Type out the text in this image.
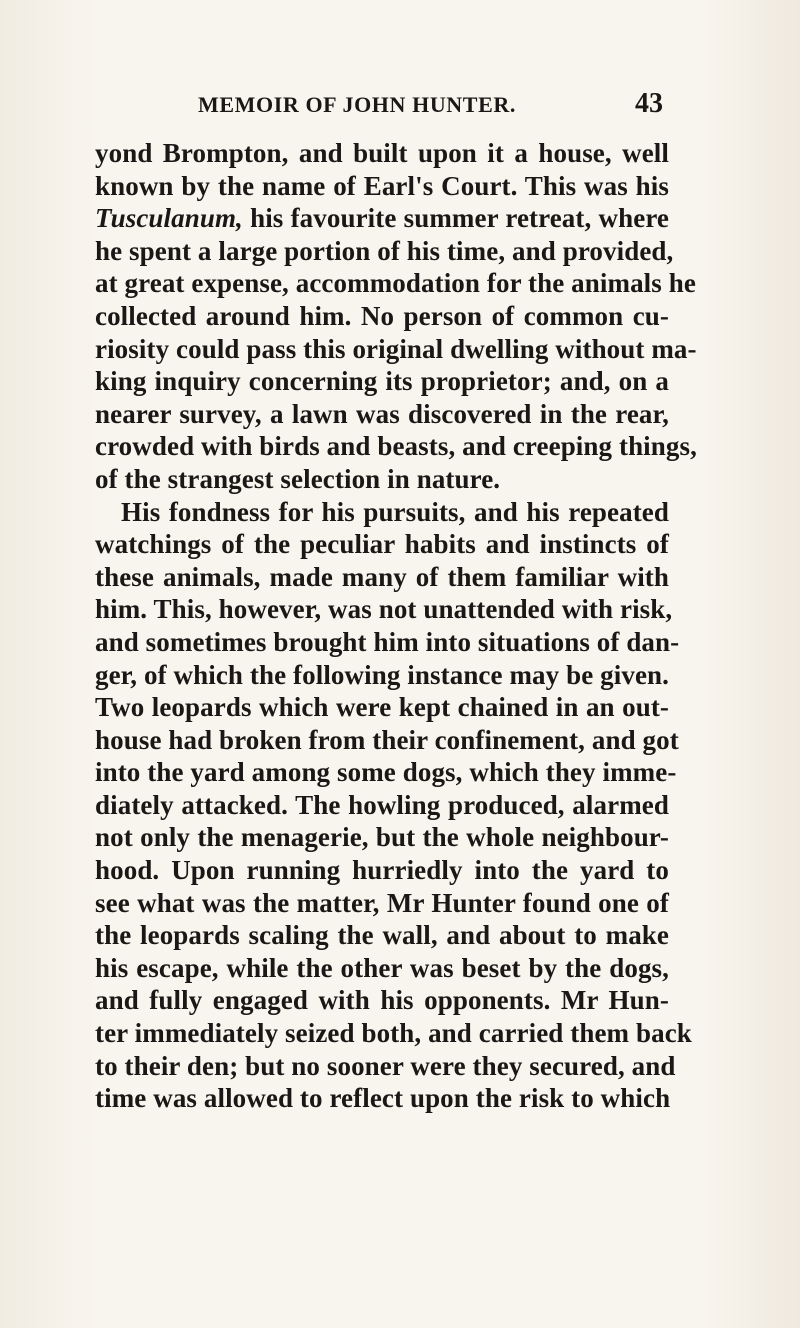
MEMOIR OF JOHN HUNTER.	43
yond Brompton, and built upon it a house, well
known by the name of Earl's Court. This was his
Tusculanum, his favourite summer retreat, where
he spent a large portion of his time, and provided,
at great expense, accommodation for the animals he
collected around him. No person of common cu-
riosity could pass this original dwelling without ma-
king inquiry concerning its proprietor; and, on a
nearer survey, a lawn was discovered in the rear,
crowded with birds and beasts, and creeping things,
of the strangest selection in nature.
His fondness for his pursuits, and his repeated
watchings of the peculiar habits and instincts of
these animals, made many of them familiar with
him. This, however, was not unattended with risk,
and sometimes brought him into situations of dan-
ger, of which the following instance may be given.
Two leopards which were kept chained in an out-
house had broken from their confinement, and got
into the yard among some dogs, which they imme-
diately attacked. The howling produced, alarmed
not only the menagerie, but the whole neighbour-
hood. Upon running hurriedly into the yard to
see what was the matter, Mr Hunter found one of
the leopards scaling the wall, and about to make
his escape, while the other was beset by the dogs,
and fully engaged with his opponents. Mr Hun-
ter immediately seized both, and carried them back
to their den; but no sooner were they secured, and
time was allowed to reflect upon the risk to which
